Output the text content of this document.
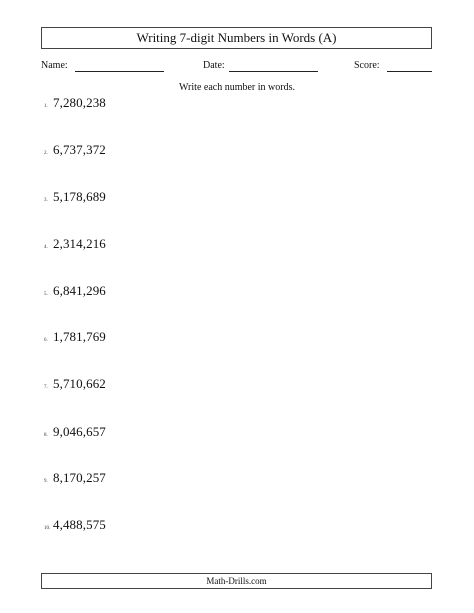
Writing 7-digit Numbers in Words (A)
Name:	Date:	Score:
Write each number in words.
1. 7,280,238
2. 6,737,372
3. 5,178,689
4. 2,314,216
5. 6,841,296
6. 1,781,769
7. 5,710,662
8. 9,046,657
9. 8,170,257
10. 4,488,575
Math-Drills.com
